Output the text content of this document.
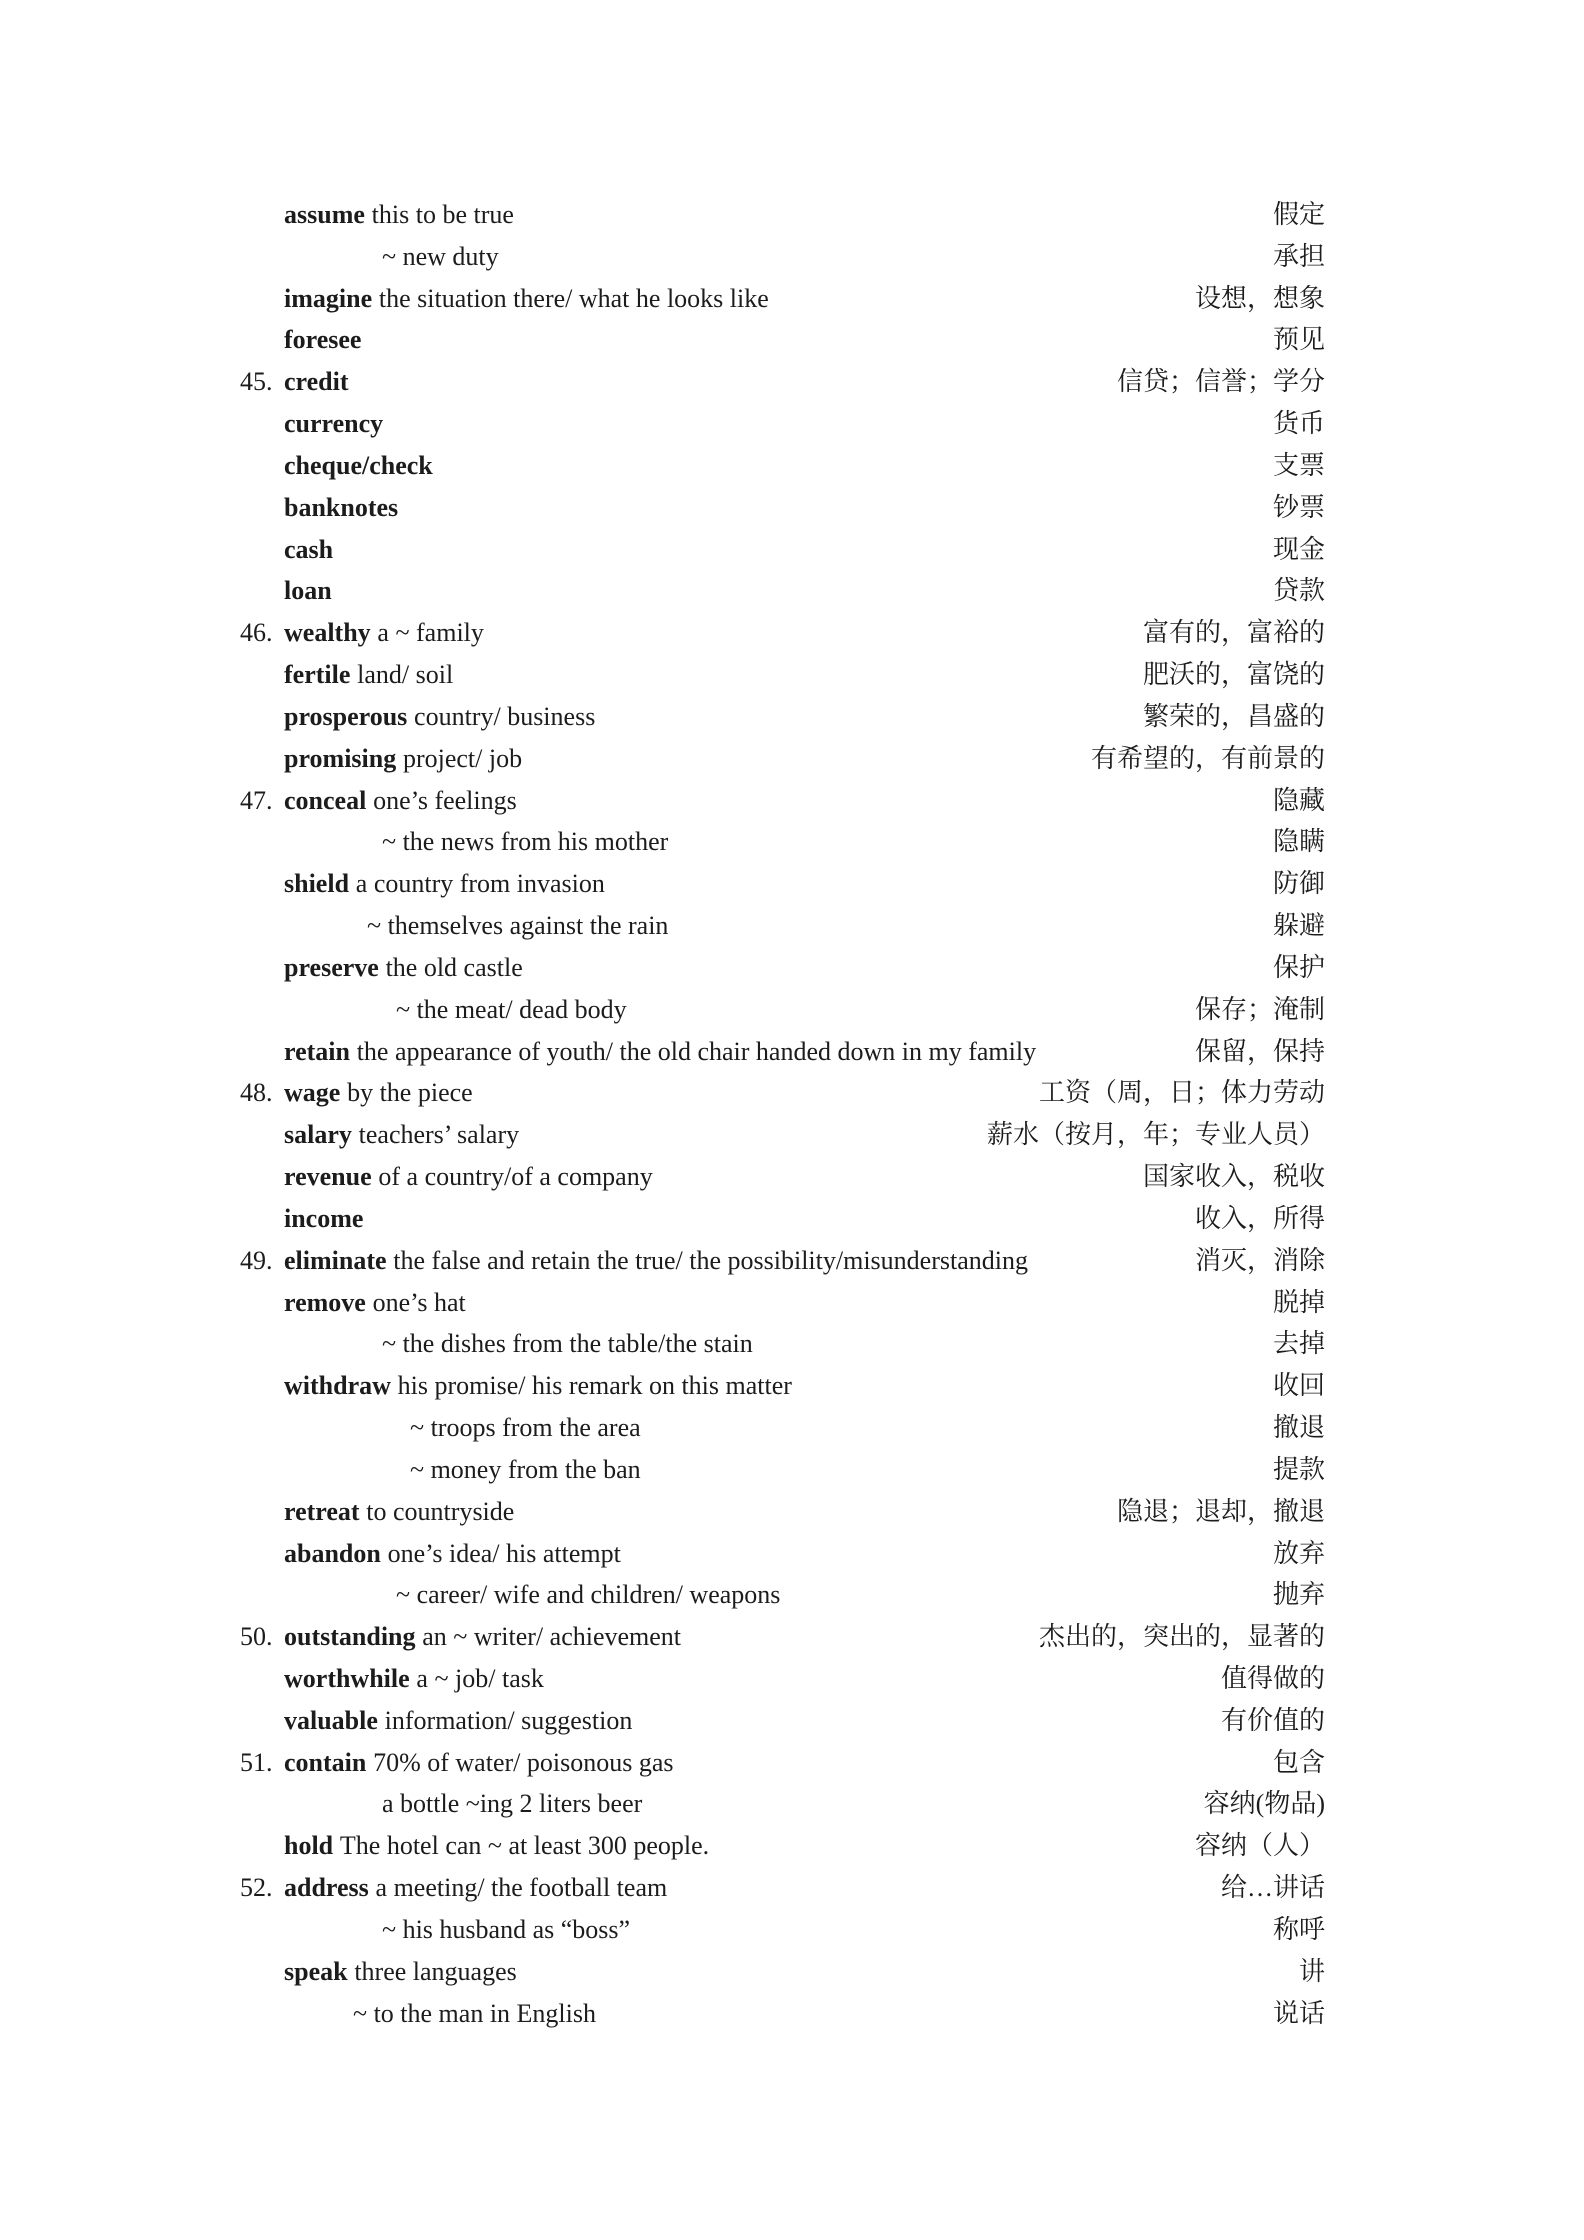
assume this to be true	假定
~ new duty	承担
imagine the situation there/ what he looks like	设想，想象
foresee	预见
45. credit	信贷；信誉；学分
currency	货币
cheque/check	支票
banknotes	钞票
cash	现金
loan	贷款
46. wealthy a ~ family	富有的，富裕的
fertile land/ soil	肥沃的，富饶的
prosperous country/ business	繁荣的，昌盛的
promising project/ job	有希望的，有前景的
47. conceal one’s feelings	隐藏
~ the news from his mother	隐瞒
shield a country from invasion	防御
~ themselves against the rain	躲避
preserve the old castle	保护
~ the meat/ dead body	保存；淹制
retain the appearance of youth/ the old chair handed down in my family	保留，保持
48. wage by the piece	工资（周，日；体力劳动
salary teachers’ salary	薪水（按月，年；专业人员）
revenue of a country/of a company	国家收入，税收
income	收入，所得
49. eliminate the false and retain the true/ the possibility/misunderstanding	消灭，消除
remove one’s hat	脱掉
~ the dishes from the table/the stain	去掉
withdraw his promise/ his remark on this matter	收回
~ troops from the area	撤退
~ money from the ban	提款
retreat to countryside	隐退；退却，撤退
abandon one’s idea/ his attempt	放弃
~ career/ wife and children/ weapons	抛弃
50. outstanding an ~ writer/ achievement	杰出的，突出的，显著的
worthwhile a ~ job/ task	值得做的
valuable information/ suggestion	有价值的
51. contain 70% of water/ poisonous gas	包含
a bottle ~ing 2 liters beer	容纳(物品)
hold The hotel can ~ at least 300 people.	容纳（人）
52. address a meeting/ the football team	给…讲话
~ his husband as “boss”	称呼
speak three languages	讲
~ to the man in English	说话
